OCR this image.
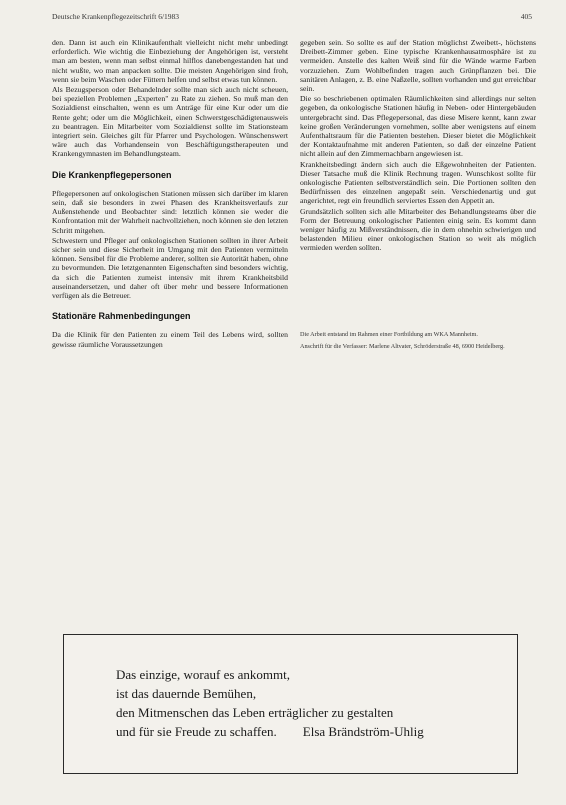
Deutsche Krankenpflegezeitschrift 6/1983	405

den. Dann ist auch ein Klinikaufenthalt vielleicht nicht mehr unbedingt erforderlich. Wie wichtig die Einbeziehung der Angehörigen ist, versteht man am besten, wenn man selbst einmal hilflos danebengestanden hat und nicht wußte, wo man anpacken sollte. Die meisten Angehörigen sind froh, wenn sie beim Waschen oder Füttern helfen und selbst etwas tun können.

Als Bezugsperson oder Behandelnder sollte man sich auch nicht scheuen, bei speziellen Problemen „Experten" zu Rate zu ziehen. So muß man den Sozialdienst einschalten, wenn es um Anträge für eine Kur oder um die Rente geht; oder um die Möglichkeit, einen Schwerstgeschädigtenausweis zu beantragen. Ein Mitarbeiter vom Sozialdienst sollte im Stationsteam integriert sein. Gleiches gilt für Pfarrer und Psychologen. Wünschenswert wäre auch das Vorhandensein von Beschäftigungstherapeuten und Krankengymnasten im Behandlungsteam.

Die Krankenpflegepersonen

Pflegepersonen auf onkologischen Stationen müssen sich darüber im klaren sein, daß sie besonders in zwei Phasen des Krankheitsverlaufs zur Außenstehende und Beobachter sind: letztlich können sie weder die Konfrontation mit der Wahrheit nachvollziehen, noch können sie den letzten Schritt mitgehen.

Schwestern und Pfleger auf onkologischen Stationen sollten in ihrer Arbeit sicher sein und diese Sicherheit im Umgang mit den Patienten vermitteln können. Sensibel für die Probleme anderer, sollten sie Autorität haben, ohne zu bevormunden. Die letztgenannten Eigenschaften sind besonders wichtig, da sich die Patienten zumeist intensiv mit ihrem Krankheitsbild auseinandersetzen, und daher oft über mehr und bessere Informationen verfügen als die Betreuer.

Stationäre Rahmenbedingungen

Da die Klinik für den Patienten zu einem Teil des Lebens wird, sollten gewisse räumliche Voraussetzungen

gegeben sein. So sollte es auf der Station möglichst Zweibett-, höchstens Dreibett-Zimmer geben. Eine typische Krankenhausatmosphäre ist zu vermeiden. Anstelle des kalten Weiß sind für die Wände warme Farben vorzuziehen. Zum Wohlbefinden tragen auch Grünpflanzen bei. Die sanitären Anlagen, z. B. eine Naßzelle, sollten vorhanden und gut erreichbar sein.

Die so beschriebenen optimalen Räumlichkeiten sind allerdings nur selten gegeben, da onkologische Stationen häufig in Neben- oder Hintergebäuden untergebracht sind. Das Pflegepersonal, das diese Misere kennt, kann zwar keine großen Veränderungen vornehmen, sollte aber wenigstens auf einem Aufenthaltsraum für die Patienten bestehen. Dieser bietet die Möglichkeit der Kontaktaufnahme mit anderen Patienten, so daß der einzelne Patient nicht allein auf den Zimmernachbarn angewiesen ist.

Krankheitsbedingt ändern sich auch die Eßgewohnheiten der Patienten. Dieser Tatsache muß die Klinik Rechnung tragen. Wunschkost sollte für onkologische Patienten selbstverständlich sein. Die Portionen sollten den Bedürfnissen des einzelnen angepaßt sein. Verschiedenartig und gut angerichtet, regt ein freundlich serviertes Essen den Appetit an.

Grundsätzlich sollten sich alle Mitarbeiter des Behandlungsteams über die Form der Betreuung onkologischer Patienten einig sein. Es kommt dann weniger häufig zu Mißverständnissen, die in dem ohnehin schwierigen und belastenden Milieu einer onkologischen Station so weit als möglich vermieden werden sollten.

Die Arbeit entstand im Rahmen einer Fortbildung am WKA Mannheim.

Anschrift für die Verfasser: Marlene Altvater, Schröderstraße 48, 6900 Heidelberg.

Das einzige, worauf es ankommt,
ist das dauernde Bemühen,
den Mitmenschen das Leben erträglicher zu gestalten
und für sie Freude zu schaffen. Elsa Brändström-Uhlig
